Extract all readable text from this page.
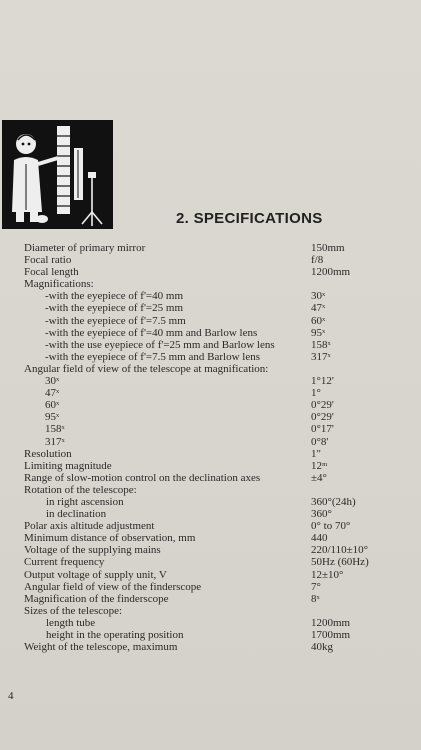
2. SPECIFICATIONS
Diameter of primary mirror	150mm
Focal ratio	f/8
Focal length	1200mm
Magnifications:
-with the eyepiece of f'=40 mm	30ˣ
-with the eyepiece of f'=25 mm	47ˣ
-with the eyepiece of f'=7.5 mm	60ˣ
-with the eyepiece of f'=40 mm and Barlow lens	95ˣ
-with the use eyepiece of f'=25 mm and Barlow lens	158ˣ
-with the eyepiece of f'=7.5 mm and Barlow lens	317ˣ
Angular field of view of the telescope at magnification:
30ˣ	1°12'
47ˣ	1°
60ˣ	0°29'
95ˣ	0°29'
158ˣ	0°17'
317ˣ	0°8'
Resolution	1"
Limiting magnitude	12ᵐ
Range of slow-motion control on the declination axes	±4°
Rotation of the telescope:
in right ascension	360°(24h)
in declination	360°
Polar axis altitude adjustment	0° to 70°
Minimum distance of observation, mm	440
Voltage of the supplying mains	220/110±10°
Current frequency	50Hz (60Hz)
Output voltage of supply unit, V	12±10°
Angular field of view of the finderscope	7°
Magnification of the finderscope	8ˣ
Sizes of the telescope:
length tube	1200mm
height in the operating position	1700mm
Weight of the telescope, maximum	40kg
4
